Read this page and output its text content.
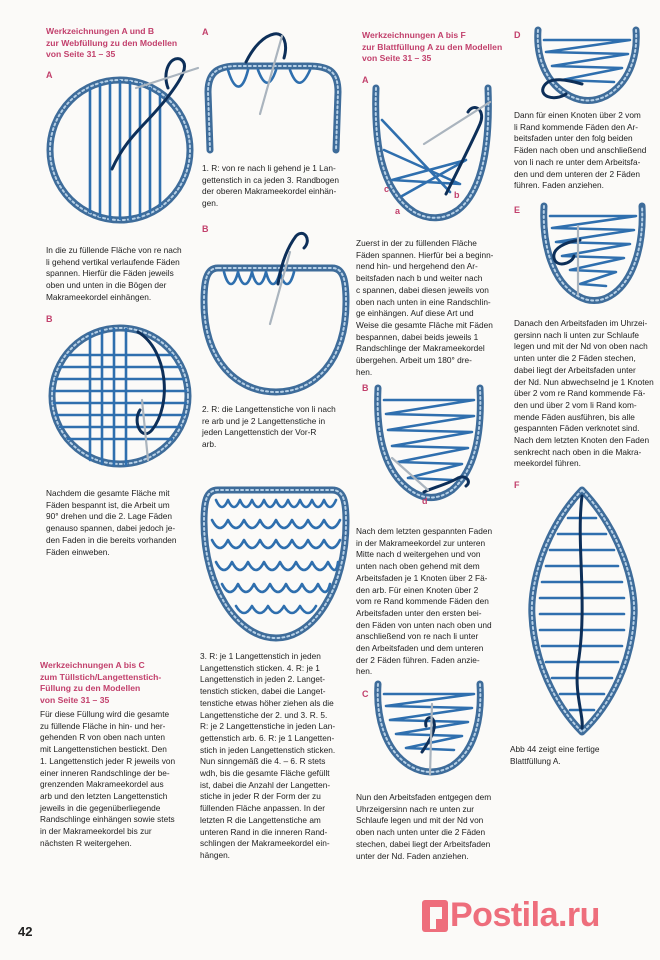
Werkzeichnungen A und B
zur Webfüllung zu den Modellen
von Seite 31 – 35
A
In die zu füllende Fläche von re nach
li gehend vertikal verlaufende Fäden
spannen. Hierfür die Fäden jeweils
oben und unten in die Bögen der
Makrameekordel einhängen.
B
Nachdem die gesamte Fläche mit
Fäden bespannt ist, die Arbeit um
90° drehen und die 2. Lage Fäden
genauso spannen, dabei jedoch je-
den Faden in die bereits vorhanden
Fäden einweben.
Werkzeichnungen A bis C
zum Tüllstich/Langettenstich-
Füllung zu den Modellen
von Seite 31 – 35
Für diese Füllung wird die gesamte
zu füllende Fläche in hin- und her-
gehenden R von oben nach unten
mit Langettenstichen bestickt. Den
1. Langettenstich jeder R jeweils von
einer inneren Randschlinge der be-
grenzenden Makrameekordel aus
arb und den letzten Langettenstich
jeweils in die gegenüberliegende
Randschlinge einhängen sowie stets
in der Makrameekordel bis zur
nächsten R weitergehen.
A
1. R: von re nach li gehend je 1 Lan-
gettenstich in ca jeden 3. Randbogen
der oberen Makrameekordel einhän-
gen.
B
2. R: die Langettenstiche von li nach
re arb und je 2 Langettenstiche in
jeden Langettenstich der Vor-R
arb.
C
3. R: je 1 Langettenstich in jeden
Langettenstich sticken. 4. R: je 1
Langettenstich in jeden 2. Langet-
tenstich sticken, dabei die Langet-
tenstiche etwas höher ziehen als die
Langettenstiche der 2. und 3. R. 5.
R: je 2 Langettenstiche in jeden Lan-
gettenstich arb. 6. R: je 1 Langetten-
stich in jeden Langettenstich sticken.
Nun sinngemäß die 4. – 6. R stets
wdh, bis die gesamte Fläche gefüllt
ist, dabei die Anzahl der Langetten-
stiche in jeder R der Form der zu
füllenden Fläche anpassen. In der
letzten R die Langettenstiche am
unteren Rand in die inneren Rand-
schlingen der Makrameekordel ein-
hängen.
Werkzeichnungen A bis F
zur Blattfüllung A zu den Modellen
von Seite 31 – 35
A
c
a
b
Zuerst in der zu füllenden Fläche
Fäden spannen. Hierfür bei a beginn-
nend hin- und hergehend den Ar-
beitsfaden nach b und weiter nach
c spannen, dabei diesen jeweils von
oben nach unten in eine Randschlin-
ge einhängen. Auf diese Art und
Weise die gesamte Fläche mit Fäden
bespannen, dabei beids jeweils 1
Randschlinge der Makrameekordel
übergehen. Arbeit um 180° dre-
hen.
B
d
Nach dem letzten gespannten Faden
in der Makrameekordel zur unteren
Mitte nach d weitergehen und von
unten nach oben gehend mit dem
Arbeitsfaden je 1 Knoten über 2 Fä-
den arb. Für einen Knoten über 2
vom re Rand kommende Fäden den
Arbeitsfaden unter den ersten bei-
den Fäden von unten nach oben und
anschließend von re nach li unter
den Arbeitsfaden und dem unteren
der 2 Fäden führen. Faden anzie-
hen.
C
Nun den Arbeitsfaden entgegen dem
Uhrzeigersinn nach re unten zur
Schlaufe legen und mit der Nd von
oben nach unten unter die 2 Fäden
stechen, dabei liegt der Arbeitsfaden
unter der Nd. Faden anziehen.
D
Dann für einen Knoten über 2 vom
li Rand kommende Fäden den Ar-
beitsfaden unter den folg beiden
Fäden nach oben und anschließend
von li nach re unter dem Arbeitsfa-
den und dem unteren der 2 Fäden
führen. Faden anziehen.
E
Danach den Arbeitsfaden im Uhrzei-
gersinn nach li unten zur Schlaufe
legen und mit der Nd von oben nach
unten unter die 2 Fäden stechen,
dabei liegt der Arbeitsfaden unter
der Nd. Nun abwechselnd je 1 Knoten
über 2 vom re Rand kommende Fä-
den und über 2 vom li Rand kom-
mende Fäden ausführen, bis alle
gespannten Fäden verknotet sind.
Nach dem letzten Knoten den Faden
senkrecht nach oben in die Makra-
meekordel führen.
F
Abb 44 zeigt eine fertige
Blattfüllung A.
42	Postila.ru
